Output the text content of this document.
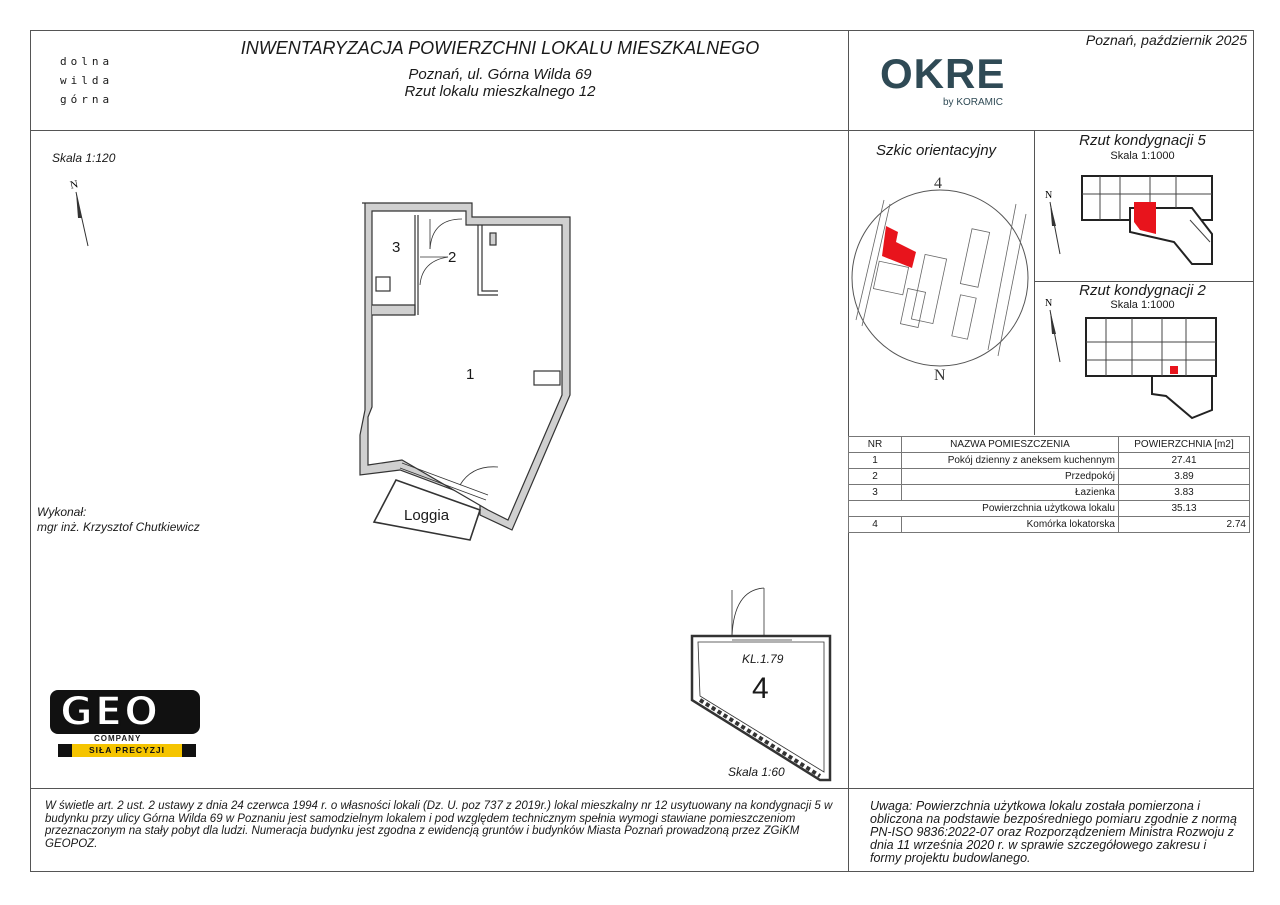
INWENTARYZACJA POWIERZCHNI LOKALU MIESZKALNEGO
Poznań, ul. Górna Wilda 69
Rzut lokalu mieszkalnego 12
dolna
wilda
górna
OKRE
by KORAMIC
Poznań, październik 2025
Skala 1:120
N
3
2
1
Loggia
KL.1.79
4
Skala 1:60
Szkic orientacyjny
4
N
Rzut kondygnacji 5
Skala 1:1000
N
Rzut kondygnacji 2
Skala 1:1000
N
NR	NAZWA POMIESZCZENIA	POWIERZCHNIA [m2]
1	Pokój dzienny z aneksem kuchennym	27.41
2	Przedpokój	3.89
3	Łazienka	3.83
Powierzchnia użytkowa lokalu		35.13
4	Komórka lokatorska	2.74
Wykonał:
mgr inż. Krzysztof Chutkiewicz
GEO
COMPANY
SIŁA PRECYZJI
W świetle art. 2 ust. 2 ustawy z dnia 24 czerwca 1994 r. o własności lokali (Dz. U. poz 737 z 2019r.) lokal mieszkalny nr 12 usytuowany na kondygnacji 5 w budynku przy ulicy Górna Wilda 69 w Poznaniu jest samodzielnym lokalem i pod względem technicznym spełnia wymogi stawiane pomieszczeniom przeznaczonym na stały pobyt dla ludzi. Numeracja budynku jest zgodna z ewidencją gruntów i budynków Miasta Poznań prowadzoną przez ZGiKM GEOPOZ.
Uwaga: Powierzchnia użytkowa lokalu została pomierzona i obliczona na podstawie bezpośredniego pomiaru zgodnie z normą PN-ISO 9836:2022-07 oraz Rozporządzeniem Ministra Rozwoju z dnia 11 września 2020 r. w sprawie szczegółowego zakresu i formy projektu budowlanego.
